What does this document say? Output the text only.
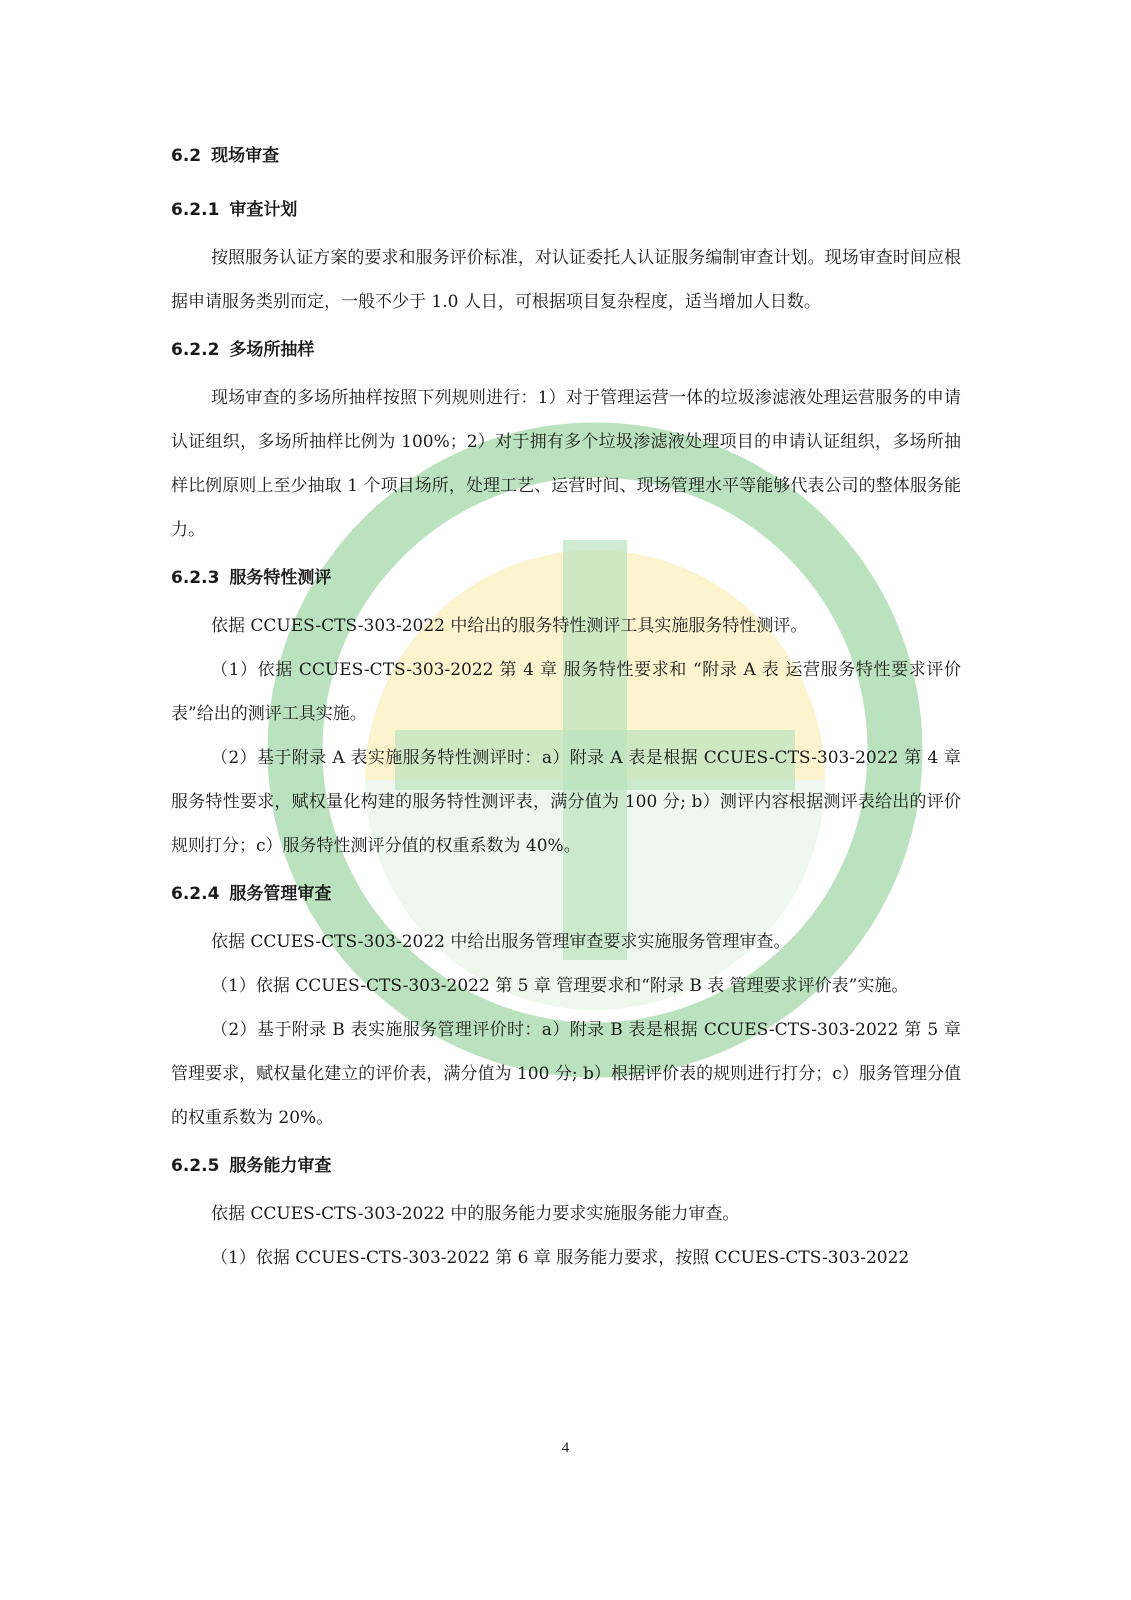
6.2 现场审查
6.2.1 审查计划

按照服务认证方案的要求和服务评价标准，对认证委托人认证服务编制审查计划。现场审查时间应根据申请服务类别而定，一般不少于 1.0 人日，可根据项目复杂程度，适当增加人日数。

6.2.2 多场所抽样

现场审查的多场所抽样按照下列规则进行：1）对于管理运营一体的垃圾渗滤液处理运营服务的申请认证组织，多场所抽样比例为 100%；2）对于拥有多个垃圾渗滤液处理项目的申请认证组织，多场所抽样比例原则上至少抽取 1 个项目场所，处理工艺、运营时间、现场管理水平等能够代表公司的整体服务能力。

6.2.3 服务特性测评

依据 CCUES-CTS-303-2022 中给出的服务特性测评工具实施服务特性测评。

（1）依据 CCUES-CTS-303-2022 第 4 章 服务特性要求和 “附录 A 表 运营服务特性要求评价表”给出的测评工具实施。

（2）基于附录 A 表实施服务特性测评时：a）附录 A 表是根据 CCUES-CTS-303-2022 第 4 章 服务特性要求，赋权量化构建的服务特性测评表，满分值为 100 分; b）测评内容根据测评表给出的评价规则打分；c）服务特性测评分值的权重系数为 40%。

6.2.4 服务管理审查

依据 CCUES-CTS-303-2022 中给出服务管理审查要求实施服务管理审查。

（1）依据 CCUES-CTS-303-2022 第 5 章 管理要求和“附录 B 表 管理要求评价表”实施。

（2）基于附录 B 表实施服务管理评价时：a）附录 B 表是根据 CCUES-CTS-303-2022 第 5 章 管理要求，赋权量化建立的评价表，满分值为 100 分; b）根据评价表的规则进行打分；c）服务管理分值的权重系数为 20%。

6.2.5 服务能力审查

依据 CCUES-CTS-303-2022 中的服务能力要求实施服务能力审查。

（1）依据 CCUES-CTS-303-2022 第 6 章 服务能力要求，按照 CCUES-CTS-303-2022

4
